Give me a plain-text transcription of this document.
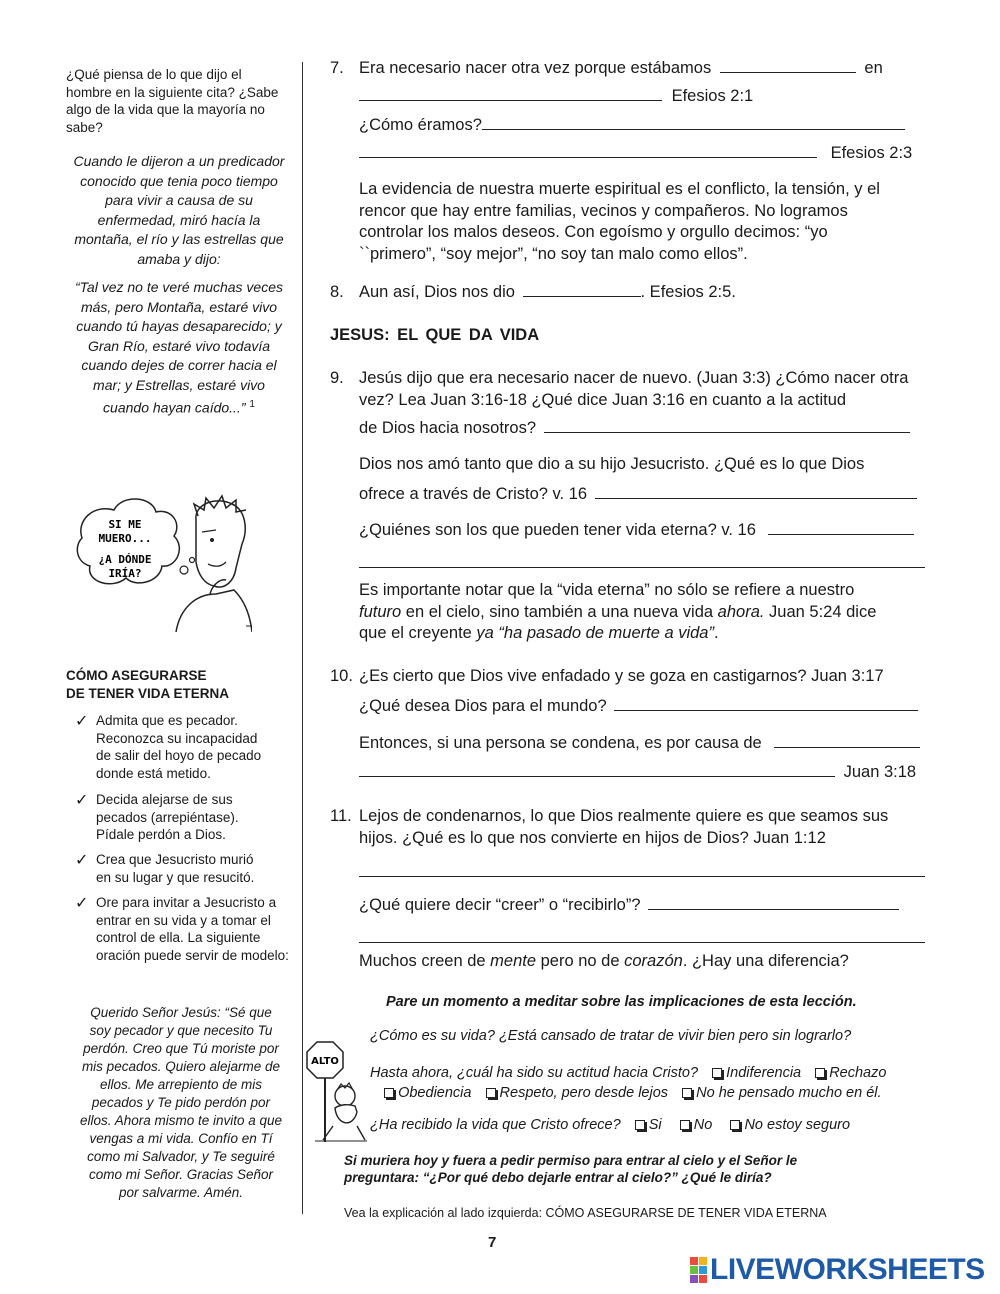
¿Qué piensa de lo que dijo el hombre en la siguiente cita? ¿Sabe algo de la vida que la mayoría no sabe?
Cuando le dijeron a un predicador conocido que tenia poco tiempo para vivir a causa de su enfermedad, miró hacía la montaña, el río y las estrellas que amaba y dijo:
“Tal vez no te veré muchas veces más, pero Montaña, estaré vivo cuando tú hayas desaparecido; y Gran Río, estaré vivo todavía cuando dejes de correr hacia el mar; y Estrellas, estaré vivo cuando hayan caído...” $^1$
SI ME
MUERO...
¿A DÓNDE
IRÍA?
CÓMO ASEGURARSE
DE TENER VIDA ETERNA
✓ Admita que es pecador. Reconozca su incapacidad de salir del hoyo de pecado donde está metido.
✓ Decida alejarse de sus pecados (arrepiéntase). Pídale perdón a Dios.
✓ Crea que Jesucristo murió en su lugar y que resucitó.
✓ Ore para invitar a Jesucristo a entrar en su vida y a tomar el control de ella. La siguiente oración puede servir de modelo:
Querido Señor Jesús: “Sé que soy pecador y que necesito Tu perdón. Creo que Tú moriste por mis pecados. Quiero alejarme de ellos. Me arrepiento de mis pecados y Te pido perdón por ellos. Ahora mismo te invito a que vengas a mi vida. Confío en Tí como mi Salvador, y Te seguiré como mi Señor. Gracias Señor por salvarme. Amén.
7. Era necesario nacer otra vez porque estábamos	en
Efesios 2:1
¿Cómo éramos?
Efesios 2:3
La evidencia de nuestra muerte espiritual es el conflicto, la tensión, y el rencor que hay entre familias, vecinos y compañeros. No logramos controlar los malos deseos. Con egoísmo y orgullo decimos: “yo ``primero”, “soy mejor”, “no soy tan malo como ellos”.
8. Aun así, Dios nos dio	. Efesios 2:5.
JESUS: EL QUE DA VIDA
9. Jesús dijo que era necesario nacer de nuevo. (Juan 3:3) ¿Cómo nacer otra vez? Lea Juan 3:16-18 ¿Qué dice Juan 3:16 en cuanto a la actitud
de Dios hacia nosotros?
Dios nos amó tanto que dio a su hijo Jesucristo. ¿Qué es lo que Dios
ofrece a través de Cristo? v. 16
¿Quiénes son los que pueden tener vida eterna? v. 16
Es importante notar que la “vida eterna” no sólo se refiere a nuestro
futuro en el cielo, sino también a una nueva vida ahora. Juan 5:24 dice
que el creyente ya “ha pasado de muerte a vida”.
10. ¿Es cierto que Dios vive enfadado y se goza en castigarnos? Juan 3:17
¿Qué desea Dios para el mundo?
Entonces, si una persona se condena, es por causa de
Juan 3:18
11. Lejos de condenarnos, lo que Dios realmente quiere es que seamos sus hijos. ¿Qué es lo que nos convierte en hijos de Dios? Juan 1:12
¿Qué quiere decir “creer” o “recibirlo”?
Muchos creen de mente pero no de corazón. ¿Hay una diferencia?
Pare un momento a meditar sobre las implicaciones de esta lección.
¿Cómo es su vida? ¿Está cansado de tratar de vivir bien pero sin lograrlo?
ALTO
Hasta ahora, ¿cuál ha sido su actitud hacia Cristo? Indiferencia Rechazo
Obediencia Respeto, pero desde lejos No he pensado mucho en él.
¿Ha recibido la vida que Cristo ofrece? Si No No estoy seguro
Si muriera hoy y fuera a pedir permiso para entrar al cielo y el Señor le preguntara: “¿Por qué debo dejarle entrar al cielo?” ¿Qué le diría?
Vea la explicación al lado izquierda: CÓMO ASEGURARSE DE TENER VIDA ETERNA
7
LIVEWORKSHEETS
